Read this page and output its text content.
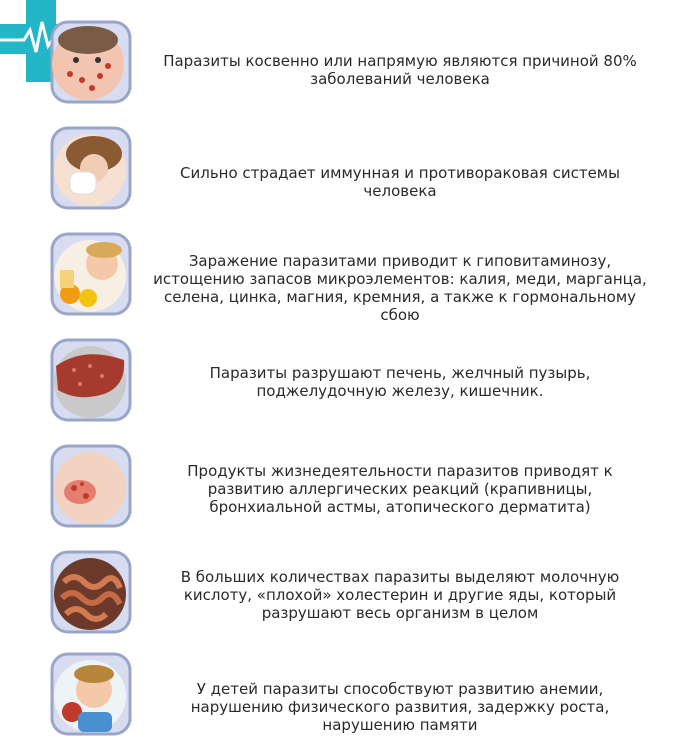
Паразиты косвенно или напрямую являются причиной 80% заболеваний человека
Сильно страдает иммунная и противораковая системы человека
Заражение паразитами приводит к гиповитаминозу, истощению запасов микроэлементов: калия, меди, марганца, селена, цинка, магния, кремния, а также к гормональному сбою
Паразиты разрушают печень, желчный пузырь, поджелудочную железу, кишечник.
Продукты жизнедеятельности паразитов приводят к развитию аллергических реакций (крапивницы, бронхиальной астмы, атопического дерматита)
В больших количествах паразиты выделяют молочную кислоту, «плохой» холестерин и другие яды, который разрушают весь организм в целом
У детей паразиты способствуют развитию анемии, нарушению физического развития, задержку роста, нарушению памяти
